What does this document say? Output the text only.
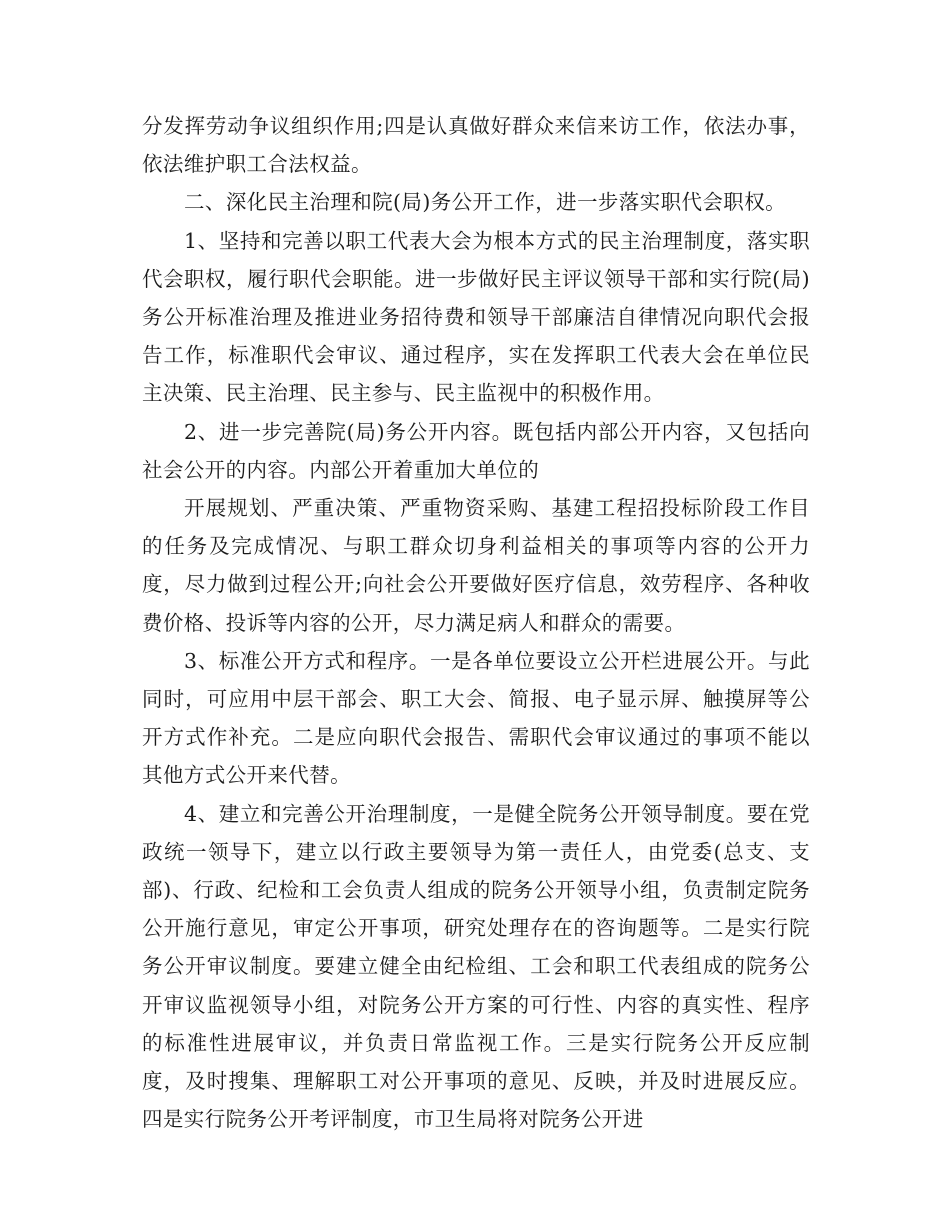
分发挥劳动争议组织作用;四是认真做好群众来信来访工作，依法办事，依法维护职工合法权益。

二、深化民主治理和院(局)务公开工作，进一步落实职代会职权。

1、坚持和完善以职工代表大会为根本方式的民主治理制度，落实职代会职权，履行职代会职能。进一步做好民主评议领导干部和实行院(局)务公开标准治理及推进业务招待费和领导干部廉洁自律情况向职代会报告工作，标准职代会审议、通过程序，实在发挥职工代表大会在单位民主决策、民主治理、民主参与、民主监视中的积极作用。

2、进一步完善院(局)务公开内容。既包括内部公开内容，又包括向社会公开的内容。内部公开着重加大单位的

开展规划、严重决策、严重物资采购、基建工程招投标阶段工作目的任务及完成情况、与职工群众切身利益相关的事项等内容的公开力度，尽力做到过程公开;向社会公开要做好医疗信息，效劳程序、各种收费价格、投诉等内容的公开，尽力满足病人和群众的需要。

3、标准公开方式和程序。一是各单位要设立公开栏进展公开。与此同时，可应用中层干部会、职工大会、简报、电子显示屏、触摸屏等公开方式作补充。二是应向职代会报告、需职代会审议通过的事项不能以其他方式公开来代替。

4、建立和完善公开治理制度，一是健全院务公开领导制度。要在党政统一领导下，建立以行政主要领导为第一责任人，由党委(总支、支部)、行政、纪检和工会负责人组成的院务公开领导小组，负责制定院务公开施行意见，审定公开事项，研究处理存在的咨询题等。二是实行院务公开审议制度。要建立健全由纪检组、工会和职工代表组成的院务公开审议监视领导小组，对院务公开方案的可行性、内容的真实性、程序的标准性进展审议，并负责日常监视工作。三是实行院务公开反应制度，及时搜集、理解职工对公开事项的意见、反映，并及时进展反应。四是实行院务公开考评制度，市卫生局将对院务公开进
